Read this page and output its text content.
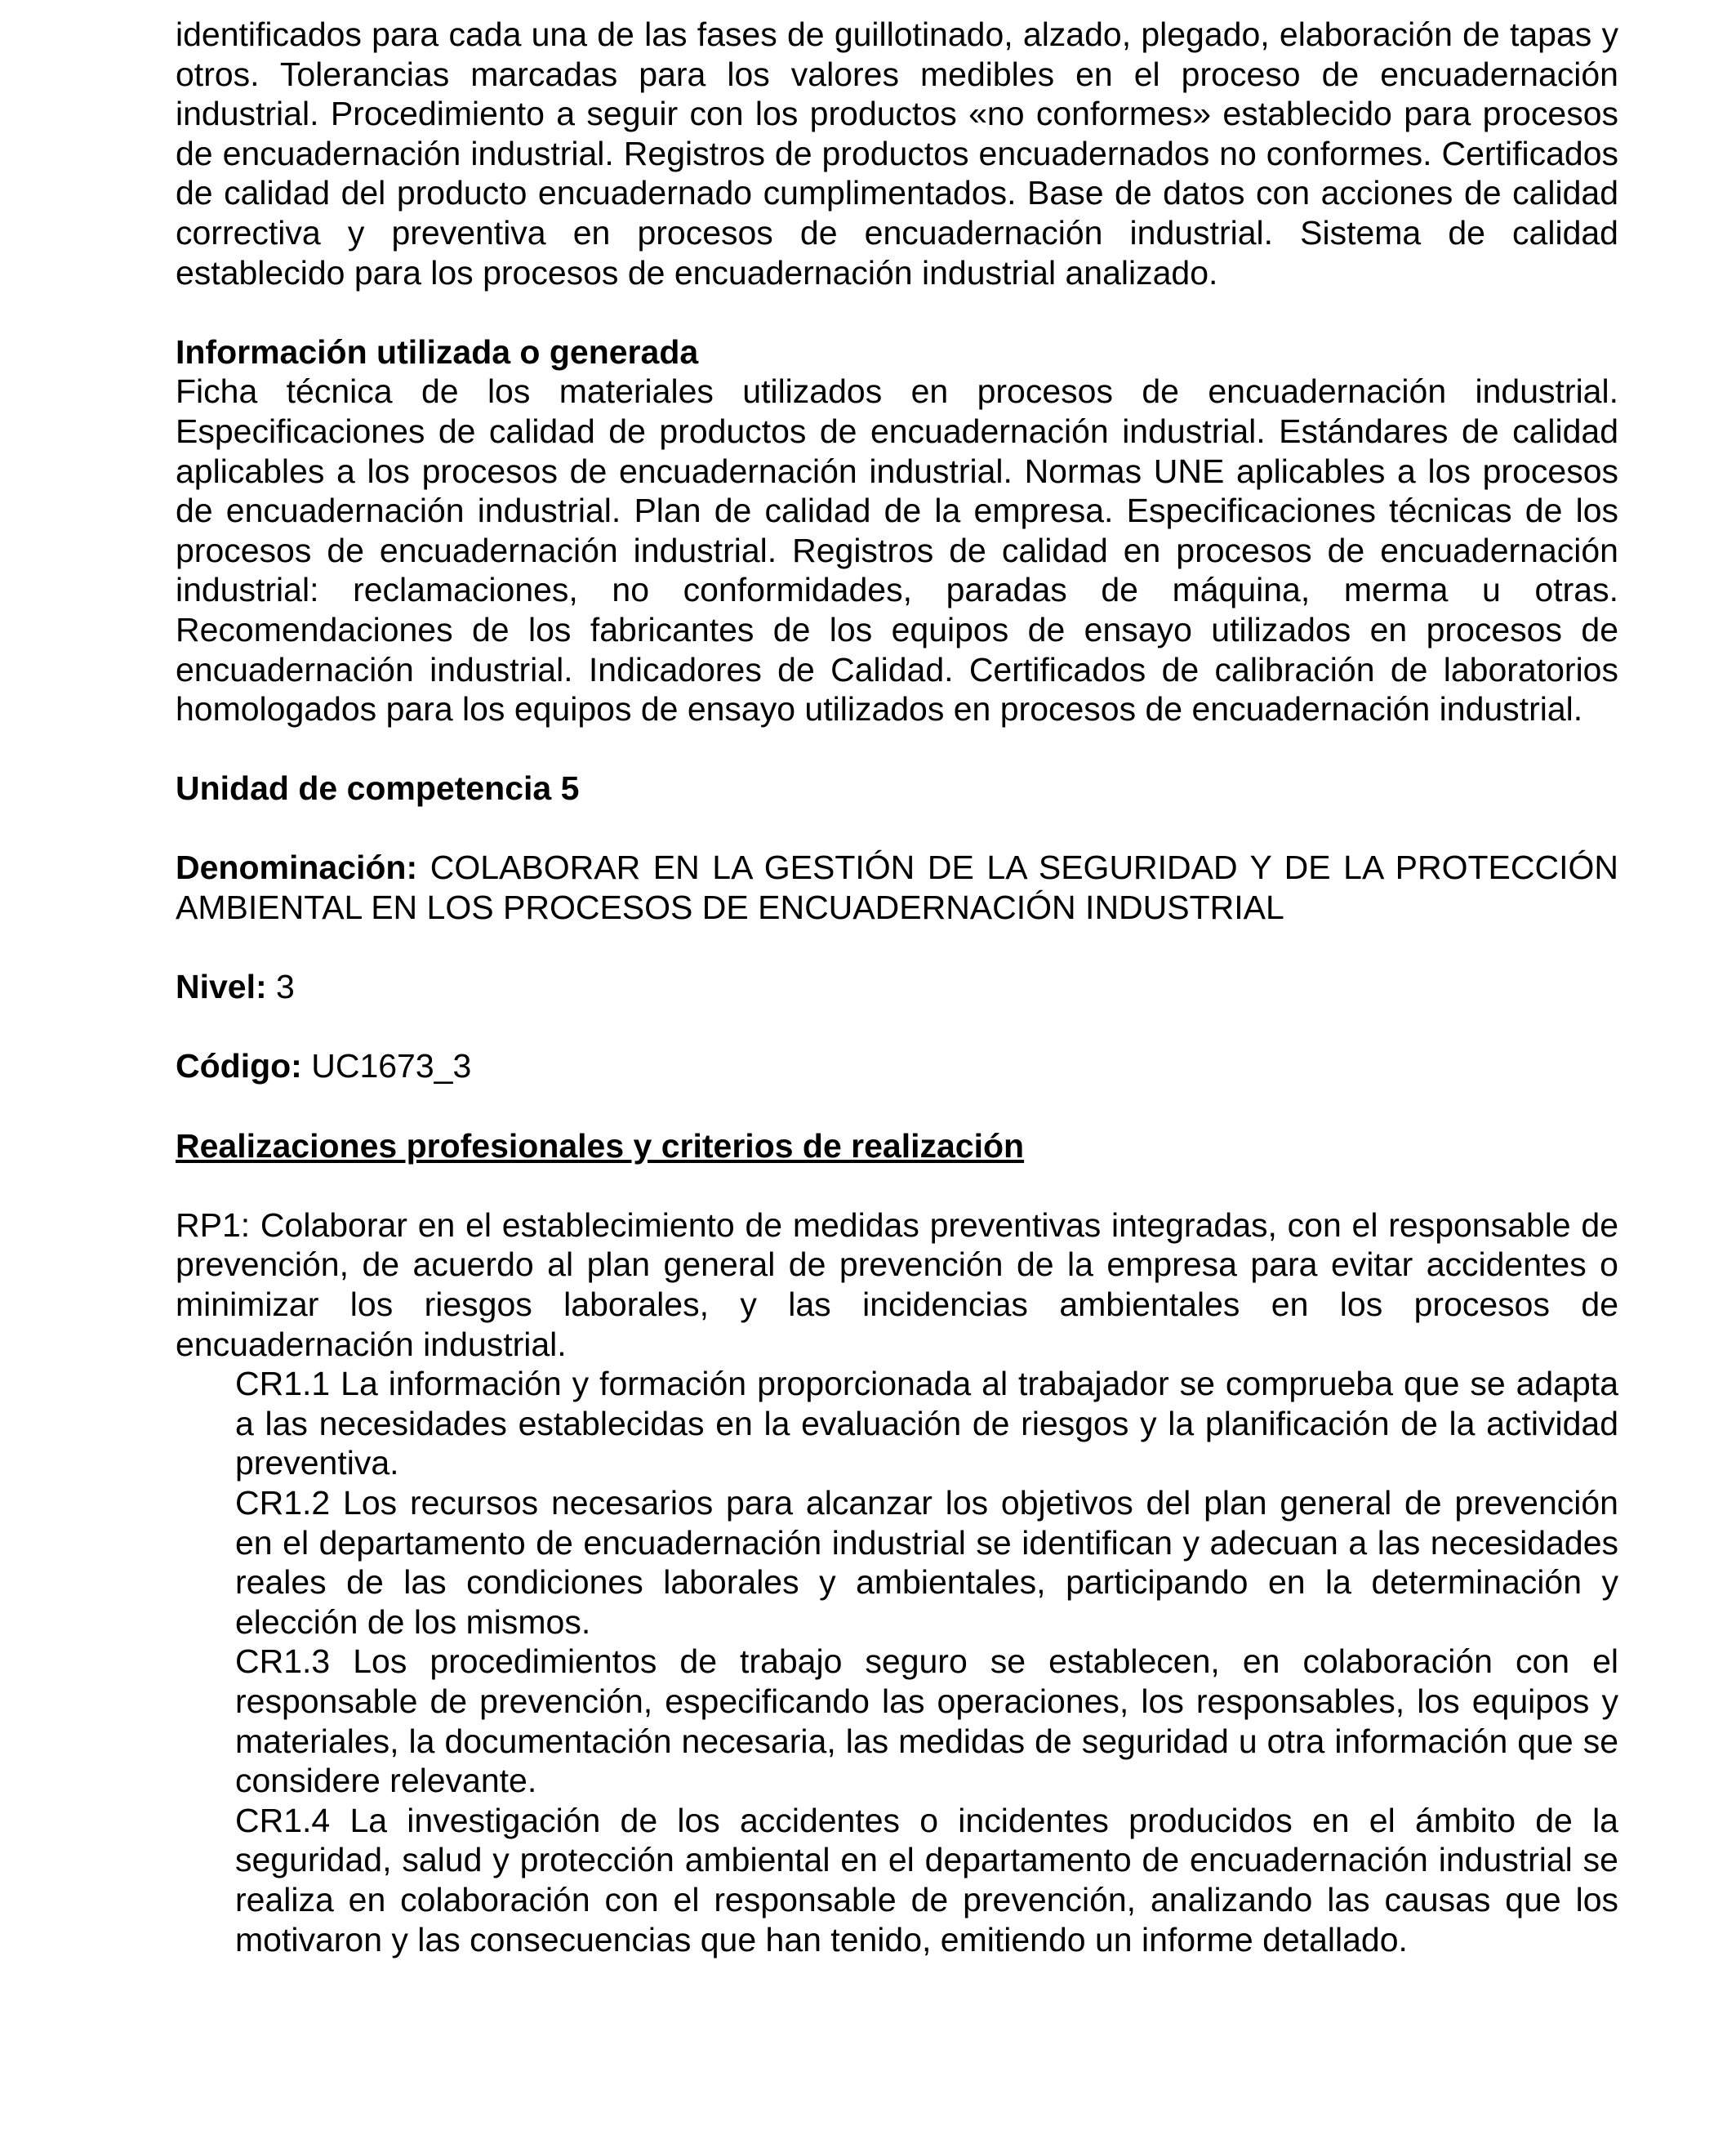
identificados para cada una de las fases de guillotinado, alzado, plegado, elaboración de tapas y otros. Tolerancias marcadas para los valores medibles en el proceso de encuadernación industrial. Procedimiento a seguir con los productos «no conformes» establecido para procesos de encuadernación industrial. Registros de productos encuadernados no conformes. Certificados de calidad del producto encuadernado cumplimentados. Base de datos con acciones de calidad correctiva y preventiva en procesos de encuadernación industrial. Sistema de calidad establecido para los procesos de encuadernación industrial analizado.

Información utilizada o generada

Ficha técnica de los materiales utilizados en procesos de encuadernación industrial. Especificaciones de calidad de productos de encuadernación industrial. Estándares de calidad aplicables a los procesos de encuadernación industrial. Normas UNE aplicables a los procesos de encuadernación industrial. Plan de calidad de la empresa. Especificaciones técnicas de los procesos de encuadernación industrial. Registros de calidad en procesos de encuadernación industrial: reclamaciones, no conformidades, paradas de máquina, merma u otras. Recomendaciones de los fabricantes de los equipos de ensayo utilizados en procesos de encuadernación industrial. Indicadores de Calidad. Certificados de calibración de laboratorios homologados para los equipos de ensayo utilizados en procesos de encuadernación industrial.

Unidad de competencia 5

Denominación: COLABORAR EN LA GESTIÓN DE LA SEGURIDAD Y DE LA PROTECCIÓN AMBIENTAL EN LOS PROCESOS DE ENCUADERNACIÓN INDUSTRIAL

Nivel: 3

Código: UC1673_3

Realizaciones profesionales y criterios de realización

RP1: Colaborar en el establecimiento de medidas preventivas integradas, con el responsable de prevención, de acuerdo al plan general de prevención de la empresa para evitar accidentes o minimizar los riesgos laborales, y las incidencias ambientales en los procesos de encuadernación industrial.

CR1.1 La información y formación proporcionada al trabajador se comprueba que se adapta a las necesidades establecidas en la evaluación de riesgos y la planificación de la actividad preventiva.

CR1.2 Los recursos necesarios para alcanzar los objetivos del plan general de prevención en el departamento de encuadernación industrial se identifican y adecuan a las necesidades reales de las condiciones laborales y ambientales, participando en la determinación y elección de los mismos.

CR1.3 Los procedimientos de trabajo seguro se establecen, en colaboración con el responsable de prevención, especificando las operaciones, los responsables, los equipos y materiales, la documentación necesaria, las medidas de seguridad u otra información que se considere relevante.

CR1.4 La investigación de los accidentes o incidentes producidos en el ámbito de la seguridad, salud y protección ambiental en el departamento de encuadernación industrial se realiza en colaboración con el responsable de prevención, analizando las causas que los motivaron y las consecuencias que han tenido, emitiendo un informe detallado.
